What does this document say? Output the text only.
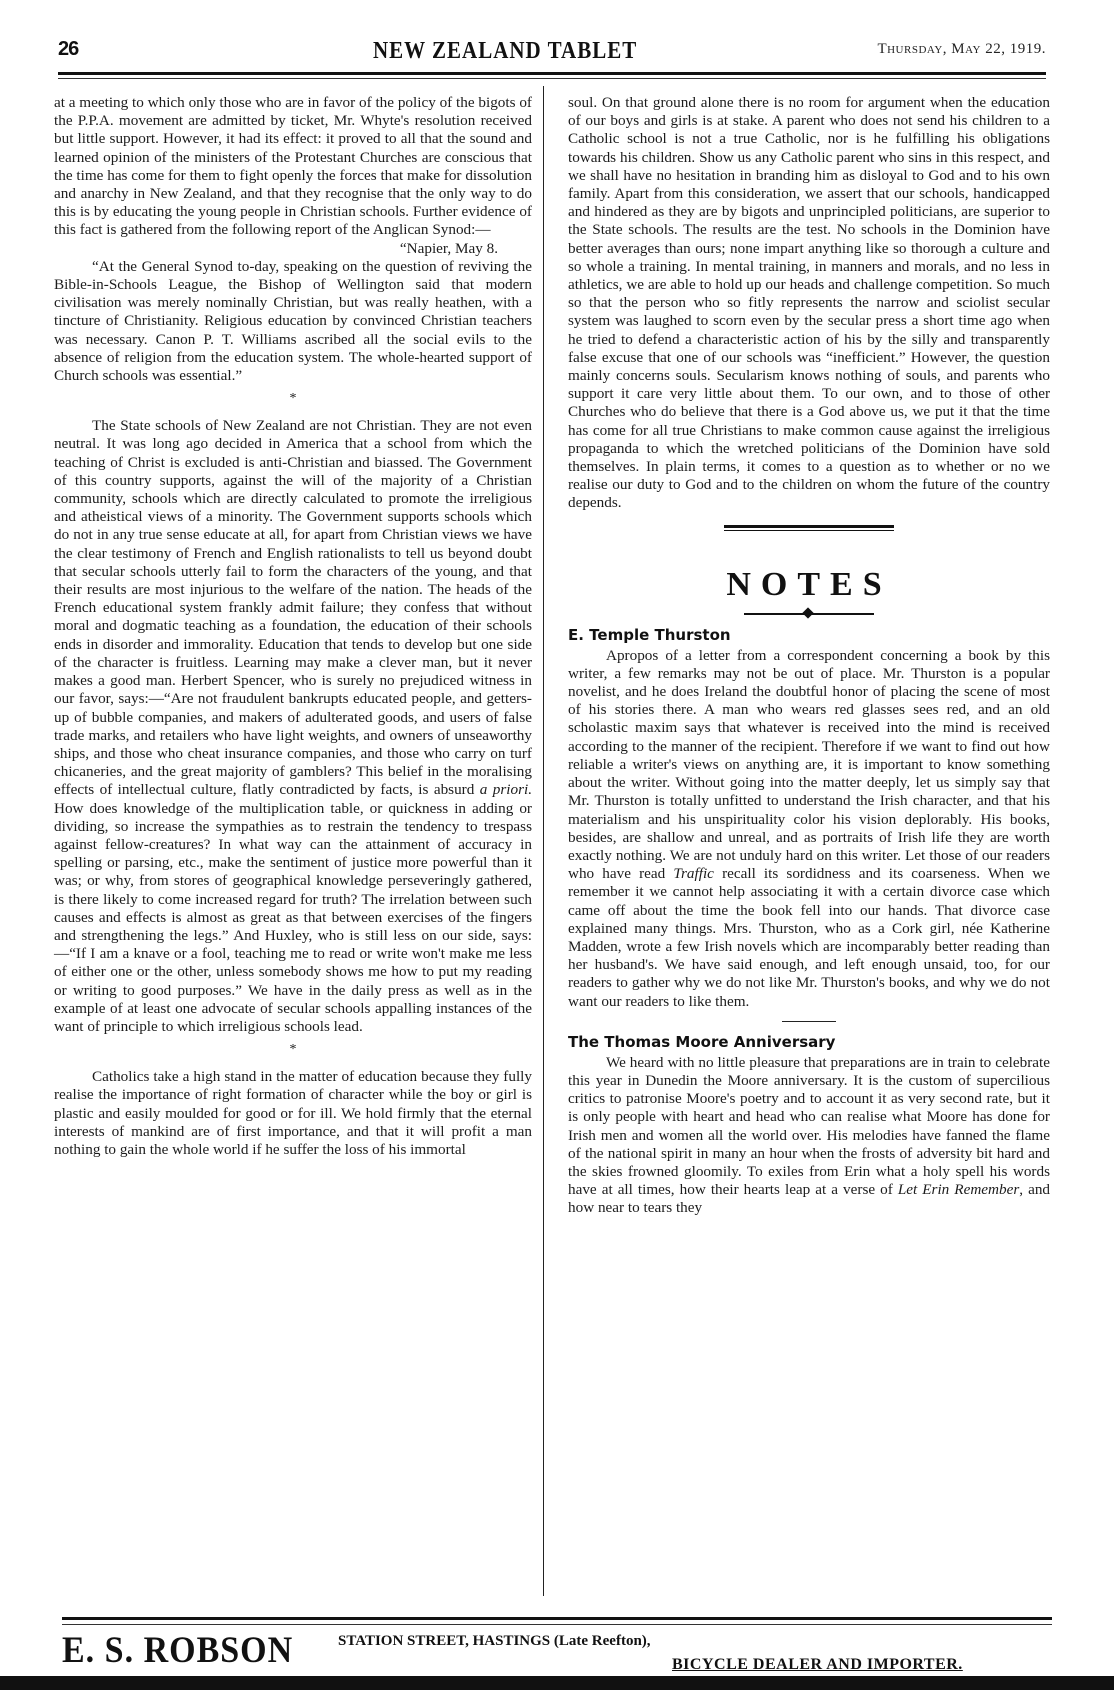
26	NEW ZEALAND TABLET	Thursday, May 22, 1919.

at a meeting to which only those who are in favor of the policy of the bigots of the P.P.A. movement are admitted by ticket, Mr. Whyte's resolution received but little support. However, it had its effect: it proved to all that the sound and learned opinion of the ministers of the Protestant Churches are conscious that the time has come for them to fight openly the forces that make for dissolution and anarchy in New Zealand, and that they recognise that the only way to do this is by educating the young people in Christian schools. Further evidence of this fact is gathered from the following report of the Anglican Synod:—

“Napier, May 8.

“At the General Synod to-day, speaking on the question of reviving the Bible-in-Schools League, the Bishop of Wellington said that modern civilisation was merely nominally Christian, but was really heathen, with a tincture of Christianity. Religious education by convinced Christian teachers was necessary. Canon P. T. Williams ascribed all the social evils to the absence of religion from the education system. The whole-hearted support of Church schools was essential.”

*

The State schools of New Zealand are not Christian. They are not even neutral. It was long ago decided in America that a school from which the teaching of Christ is excluded is anti-Christian and biassed. The Government of this country supports, against the will of the majority of a Christian community, schools which are directly calculated to promote the irreligious and atheistical views of a minority. The Government supports schools which do not in any true sense educate at all, for apart from Christian views we have the clear testimony of French and English rationalists to tell us beyond doubt that secular schools utterly fail to form the characters of the young, and that their results are most injurious to the welfare of the nation. The heads of the French educational system frankly admit failure; they confess that without moral and dogmatic teaching as a foundation, the education of their schools ends in disorder and immorality. Education that tends to develop but one side of the character is fruitless. Learning may make a clever man, but it never makes a good man. Herbert Spencer, who is surely no prejudiced witness in our favor, says:—“Are not fraudulent bankrupts educated people, and getters-up of bubble companies, and makers of adulterated goods, and users of false trade marks, and retailers who have light weights, and owners of unseaworthy ships, and those who cheat insurance companies, and those who carry on turf chicaneries, and the great majority of gamblers? This belief in the moralising effects of intellectual culture, flatly contradicted by facts, is absurd a priori. How does knowledge of the multiplication table, or quickness in adding or dividing, so increase the sympathies as to restrain the tendency to trespass against fellow-creatures? In what way can the attainment of accuracy in spelling or parsing, etc., make the sentiment of justice more powerful than it was; or why, from stores of geographical knowledge perseveringly gathered, is there likely to come increased regard for truth? The irrelation between such causes and effects is almost as great as that between exercises of the fingers and strengthening the legs.” And Huxley, who is still less on our side, says:—“If I am a knave or a fool, teaching me to read or write won't make me less of either one or the other, unless somebody shows me how to put my reading or writing to good purposes.” We have in the daily press as well as in the example of at least one advocate of secular schools appalling instances of the want of principle to which irreligious schools lead.

*

Catholics take a high stand in the matter of education because they fully realise the importance of right formation of character while the boy or girl is plastic and easily moulded for good or for ill. We hold firmly that the eternal interests of mankind are of first importance, and that it will profit a man nothing to gain the whole world if he suffer the loss of his immortal

soul. On that ground alone there is no room for argument when the education of our boys and girls is at stake. A parent who does not send his children to a Catholic school is not a true Catholic, nor is he fulfilling his obligations towards his children. Show us any Catholic parent who sins in this respect, and we shall have no hesitation in branding him as disloyal to God and to his own family. Apart from this consideration, we assert that our schools, handicapped and hindered as they are by bigots and unprincipled politicians, are superior to the State schools. The results are the test. No schools in the Dominion have better averages than ours; none impart anything like so thorough a culture and so whole a training. In mental training, in manners and morals, and no less in athletics, we are able to hold up our heads and challenge competition. So much so that the person who so fitly represents the narrow and sciolist secular system was laughed to scorn even by the secular press a short time ago when he tried to defend a characteristic action of his by the silly and transparently false excuse that one of our schools was “inefficient.” However, the question mainly concerns souls. Secularism knows nothing of souls, and parents who support it care very little about them. To our own, and to those of other Churches who do believe that there is a God above us, we put it that the time has come for all true Christians to make common cause against the irreligious propaganda to which the wretched politicians of the Dominion have sold themselves. In plain terms, it comes to a question as to whether or no we realise our duty to God and to the children on whom the future of the country depends.

NOTES

E. Temple Thurston

Apropos of a letter from a correspondent concerning a book by this writer, a few remarks may not be out of place. Mr. Thurston is a popular novelist, and he does Ireland the doubtful honor of placing the scene of most of his stories there. A man who wears red glasses sees red, and an old scholastic maxim says that whatever is received into the mind is received according to the manner of the recipient. Therefore if we want to find out how reliable a writer's views on anything are, it is important to know something about the writer. Without going into the matter deeply, let us simply say that Mr. Thurston is totally unfitted to understand the Irish character, and that his materialism and his unspirituality color his vision deplorably. His books, besides, are shallow and unreal, and as portraits of Irish life they are worth exactly nothing. We are not unduly hard on this writer. Let those of our readers who have read Traffic recall its sordidness and its coarseness. When we remember it we cannot help associating it with a certain divorce case which came off about the time the book fell into our hands. That divorce case explained many things. Mrs. Thurston, who as a Cork girl, née Katherine Madden, wrote a few Irish novels which are incomparably better reading than her husband's. We have said enough, and left enough unsaid, too, for our readers to gather why we do not like Mr. Thurston's books, and why we do not want our readers to like them.

The Thomas Moore Anniversary

We heard with no little pleasure that preparations are in train to celebrate this year in Dunedin the Moore anniversary. It is the custom of supercilious critics to patronise Moore's poetry and to account it as very second rate, but it is only people with heart and head who can realise what Moore has done for Irish men and women all the world over. His melodies have fanned the flame of the national spirit in many an hour when the frosts of adversity bit hard and the skies frowned gloomily. To exiles from Erin what a holy spell his words have at all times, how their hearts leap at a verse of Let Erin Remember, and how near to tears they

E. S. ROBSON	STATION STREET, HASTINGS (Late Reefton),
BICYCLE DEALER AND IMPORTER.
